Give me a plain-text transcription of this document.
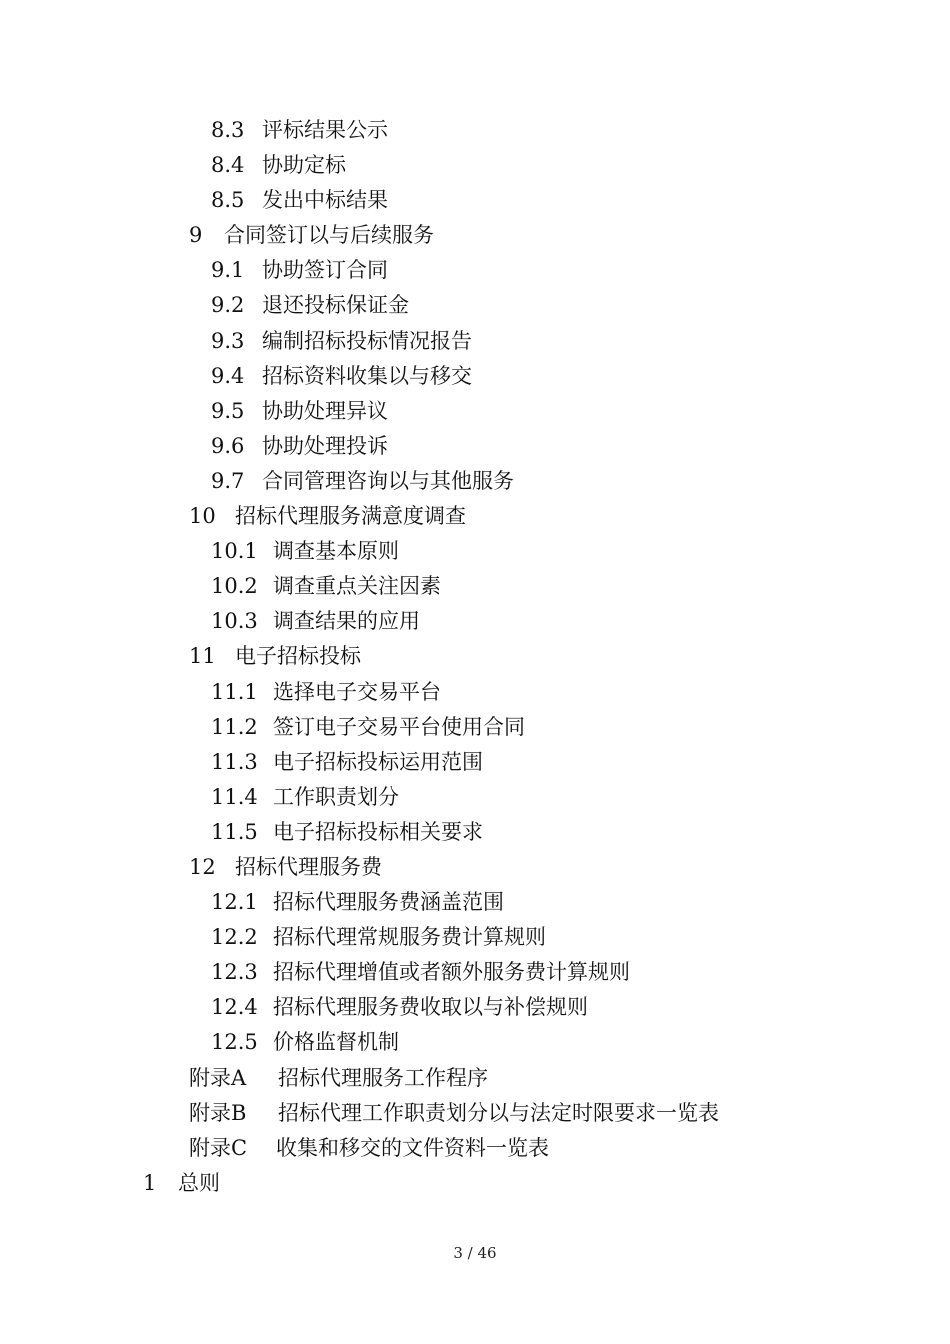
8.3 评标结果公示
8.4 协助定标
8.5 发出中标结果
9 合同签订以与后续服务
9.1 协助签订合同
9.2 退还投标保证金
9.3 编制招标投标情况报告
9.4 招标资料收集以与移交
9.5 协助处理异议
9.6 协助处理投诉
9.7 合同管理咨询以与其他服务
10 招标代理服务满意度调查
10.1 调查基本原则
10.2 调查重点关注因素
10.3 调查结果的应用
11 电子招标投标
11.1 选择电子交易平台
11.2 签订电子交易平台使用合同
11.3 电子招标投标运用范围
11.4 工作职责划分
11.5 电子招标投标相关要求
12 招标代理服务费
12.1 招标代理服务费涵盖范围
12.2 招标代理常规服务费计算规则
12.3 招标代理增值或者额外服务费计算规则
12.4 招标代理服务费收取以与补偿规则
12.5 价格监督机制
附录A 招标代理服务工作程序
附录B 招标代理工作职责划分以与法定时限要求一览表
附录C 收集和移交的文件资料一览表
1 总则
3 / 46
